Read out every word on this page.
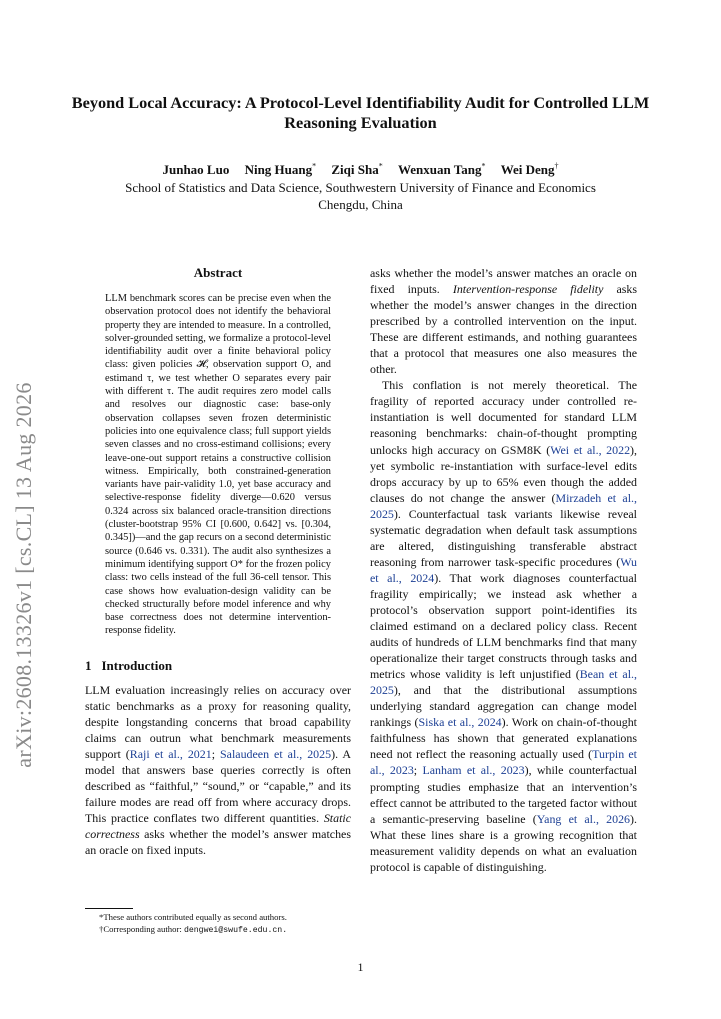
arXiv:2608.13326v1 [cs.CL] 13 Aug 2026
Beyond Local Accuracy: A Protocol-Level Identifiability Audit for Controlled LLM Reasoning Evaluation
Junhao Luo Ning Huang* Ziqi Sha* Wenxuan Tang* Wei Deng†
School of Statistics and Data Science, Southwestern University of Finance and Economics
Chengdu, China
Abstract
LLM benchmark scores can be precise even when the observation protocol does not identify the behavioral property they are intended to measure. In a controlled, solver-grounded setting, we formalize a protocol-level identifiability audit over a finite behavioral policy class: given policies 𝓗, observation support O, and estimand τ, we test whether O separates every pair with different τ. The audit requires zero model calls and resolves our diagnostic case: base-only observation collapses seven frozen deterministic policies into one equivalence class; full support yields seven classes and no cross-estimand collisions; every leave-one-out support retains a constructive collision witness. Empirically, both constrained-generation variants have pair-validity 1.0, yet base accuracy and selective-response fidelity diverge—0.620 versus 0.324 across six balanced oracle-transition directions (cluster-bootstrap 95% CI [0.600, 0.642] vs. [0.304, 0.345])—and the gap recurs on a second deterministic source (0.646 vs. 0.331). The audit also synthesizes a minimum identifying support O* for the frozen policy class: two cells instead of the full 36-cell tensor. This case shows how evaluation-design validity can be checked structurally before model inference and why base correctness does not determine intervention-response fidelity.
1 Introduction

LLM evaluation increasingly relies on accuracy over static benchmarks as a proxy for reasoning quality, despite longstanding concerns that broad capability claims can outrun what benchmark measurements support (Raji et al., 2021; Salaudeen et al., 2025). A model that answers base queries correctly is often described as “faithful,” “sound,” or “capable,” and its failure modes are read off from where accuracy drops. This practice conflates two different quantities. Static correctness asks whether the model’s answer matches an oracle on fixed inputs.

asks whether the model’s answer matches an oracle on fixed inputs. Intervention-response fidelity asks whether the model’s answer changes in the direction prescribed by a controlled intervention on the input. These are different estimands, and nothing guarantees that a protocol that measures one also measures the other.

This conflation is not merely theoretical. The fragility of reported accuracy under controlled re-instantiation is well documented for standard LLM reasoning benchmarks: chain-of-thought prompting unlocks high accuracy on GSM8K (Wei et al., 2022), yet symbolic re-instantiation with surface-level edits drops accuracy by up to 65% even though the added clauses do not change the answer (Mirzadeh et al., 2025). Counterfactual task variants likewise reveal systematic degradation when default task assumptions are altered, distinguishing transferable abstract reasoning from narrower task-specific procedures (Wu et al., 2024). That work diagnoses counterfactual fragility empirically; we instead ask whether a protocol’s observation support point-identifies its claimed estimand on a declared policy class. Recent audits of hundreds of LLM benchmarks find that many operationalize their target constructs through tasks and metrics whose validity is left unjustified (Bean et al., 2025), and that the distributional assumptions underlying standard aggregation can change model rankings (Siska et al., 2024). Work on chain-of-thought faithfulness has shown that generated explanations need not reflect the reasoning actually used (Turpin et al., 2023; Lanham et al., 2023), while counterfactual prompting studies emphasize that an intervention’s effect cannot be attributed to the targeted factor without a semantic-preserving baseline (Yang et al., 2026). What these lines share is a growing recognition that measurement validity depends on what an evaluation protocol is capable of distinguishing.

*These authors contributed equally as second authors.
†Corresponding author: dengwei@swufe.edu.cn.
1
